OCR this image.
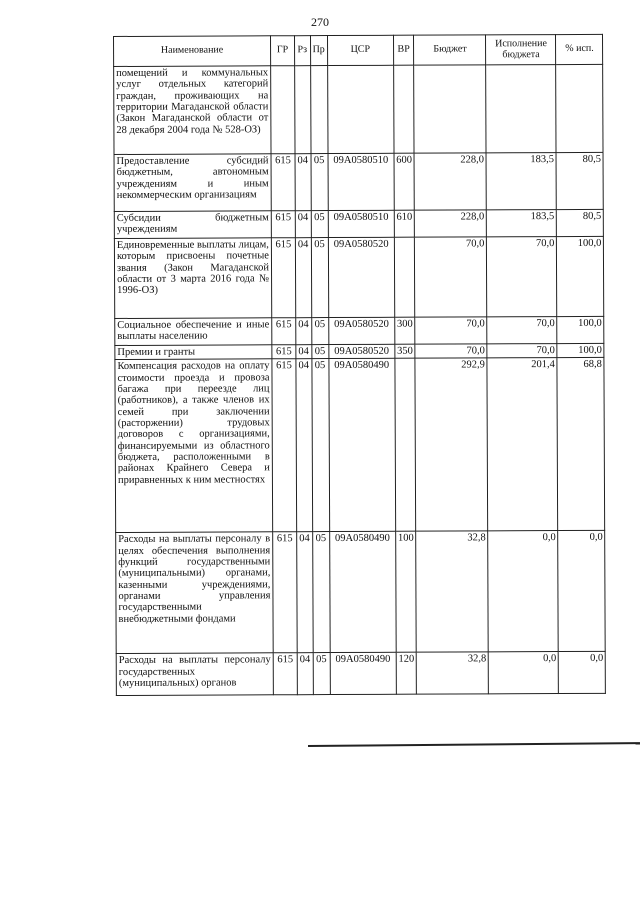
270
Наименование	ГР	Рз	Пр	ЦСР	ВР	Бюджет	Исполнение бюджета	% исп.
помещений и коммунальных услуг отдельных категорий граждан, проживающих на территории Магаданской области (Закон Магаданской области от 28 декабря 2004 года № 528-ОЗ)								
Предоставление субсидий бюджетным, автономным учреждениям и иным некоммерческим организациям	615	04	05	09А0580510	600	228,0	183,5	80,5
Субсидии бюджетным учреждениям	615	04	05	09А0580510	610	228,0	183,5	80,5
Единовременные выплаты лицам, которым присвоены почетные звания (Закон Магаданской области от 3 марта 2016 года № 1996-ОЗ)	615	04	05	09А0580520		70,0	70,0	100,0
Социальное обеспечение и иные выплаты населению	615	04	05	09А0580520	300	70,0	70,0	100,0
Премии и гранты	615	04	05	09А0580520	350	70,0	70,0	100,0
Компенсация расходов на оплату стоимости проезда и провоза багажа при переезде лиц (работников), а также членов их семей при заключении (расторжении) трудовых договоров с организациями, финансируемыми из областного бюджета, расположенными в районах Крайнего Севера и приравненных к ним местностях	615	04	05	09А0580490		292,9	201,4	68,8
Расходы на выплаты персоналу в целях обеспечения выполнения функций государственными (муниципальными) органами, казенными учреждениями, органами управления государственными внебюджетными фондами	615	04	05	09А0580490	100	32,8	0,0	0,0
Расходы на выплаты персоналу государственных (муниципальных) органов	615	04	05	09А0580490	120	32,8	0,0	0,0
